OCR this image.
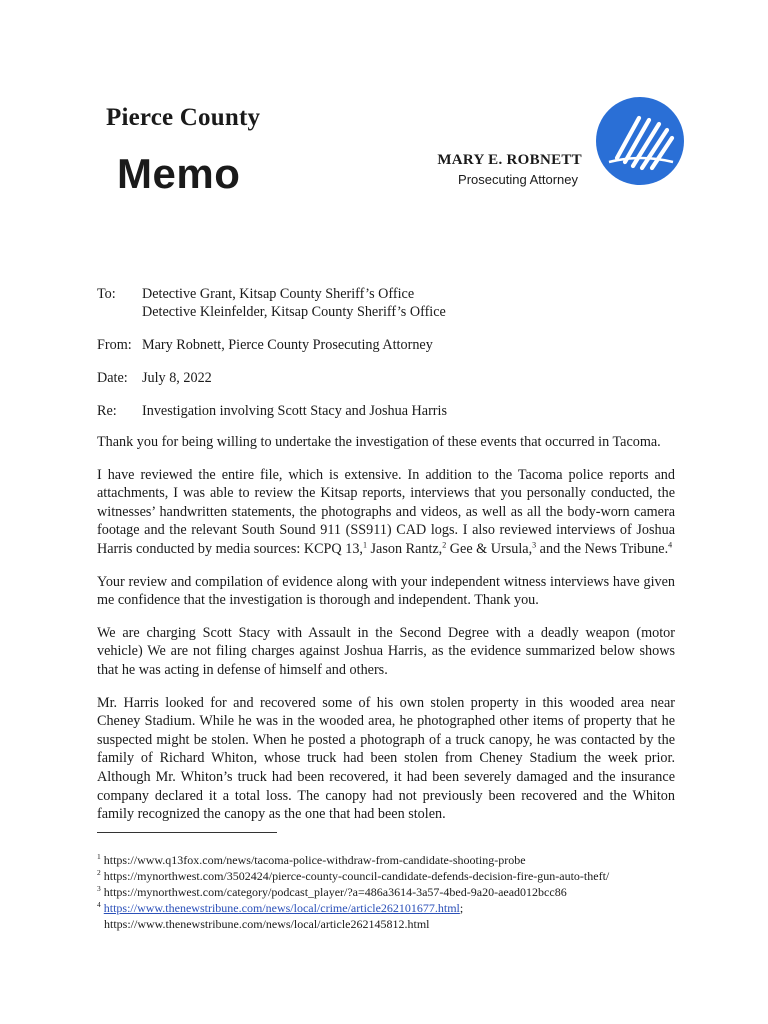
Pierce County
Memo	MARY E. ROBNETT
Prosecuting Attorney
To: Detective Grant, Kitsap County Sheriff’s Office
Detective Kleinfelder, Kitsap County Sheriff’s Office
From: Mary Robnett, Pierce County Prosecuting Attorney
Date: July 8, 2022
Re: Investigation involving Scott Stacy and Joshua Harris

Thank you for being willing to undertake the investigation of these events that occurred in Tacoma.

I have reviewed the entire file, which is extensive. In addition to the Tacoma police reports and attachments, I was able to review the Kitsap reports, interviews that you personally conducted, the witnesses’ handwritten statements, the photographs and videos, as well as all the body-worn camera footage and the relevant South Sound 911 (SS911) CAD logs. I also reviewed interviews of Joshua Harris conducted by media sources: KCPQ 13,$^1$ Jason Rantz,$^2$ Gee & Ursula,$^3$ and the News Tribune.$^4$

Your review and compilation of evidence along with your independent witness interviews have given me confidence that the investigation is thorough and independent. Thank you.

We are charging Scott Stacy with Assault in the Second Degree with a deadly weapon (motor vehicle) We are not filing charges against Joshua Harris, as the evidence summarized below shows that he was acting in defense of himself and others.

Mr. Harris looked for and recovered some of his own stolen property in this wooded area near Cheney Stadium. While he was in the wooded area, he photographed other items of property that he suspected might be stolen. When he posted a photograph of a truck canopy, he was contacted by the family of Richard Whiton, whose truck had been stolen from Cheney Stadium the week prior. Although Mr. Whiton’s truck had been recovered, it had been severely damaged and the insurance company declared it a total loss. The canopy had not previously been recovered and the Whiton family recognized the canopy as the one that had been stolen.

$^1$ https://www.q13fox.com/news/tacoma-police-withdraw-from-candidate-shooting-probe
$^2$ https://mynorthwest.com/3502424/pierce-county-council-candidate-defends-decision-fire-gun-auto-theft/
$^3$ https://mynorthwest.com/category/podcast_player/?a=486a3614-3a57-4bed-9a20-aead012bcc86
$^4$ https://www.thenewstribune.com/news/local/crime/article262101677.html;
https://www.thenewstribune.com/news/local/article262145812.html
